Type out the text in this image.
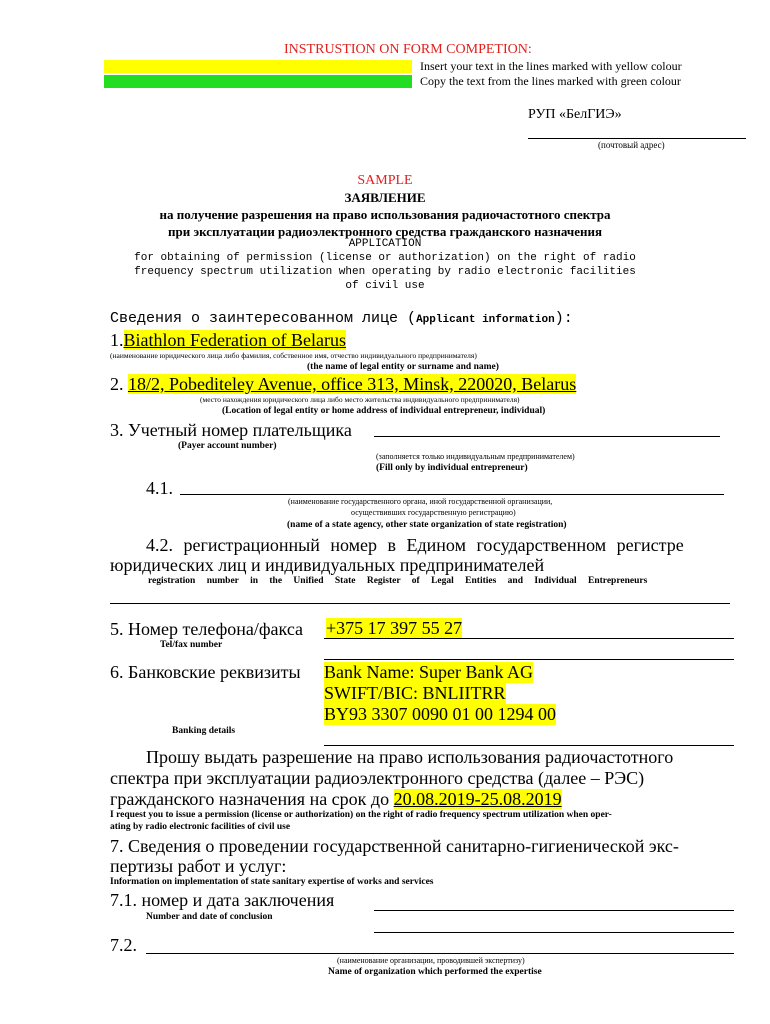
INSTRUSTION ON FORM COMPETION:
Insert your text in the lines marked with yellow colour
Copy the text from the lines marked with green colour
РУП «БелГИЭ»
(почтовый адрес)
SAMPLE
ЗАЯВЛЕНИЕ
на получение разрешения на право использования радиочастотного спектра
при эксплуатации радиоэлектронного средства гражданского назначения
APPLICATION
for obtaining of permission (license or authorization) on the right of radio
frequency spectrum utilization when operating by radio electronic facilities
of civil use
Сведения о заинтересованном лице (Applicant information):
1.Biathlon Federation of Belarus
(наименование юридического лица либо фамилия, собственное имя, отчество индивидуального предпринимателя)
(the name of legal entity or surname and name)
2. 18/2, Pobediteley Avenue, office 313, Minsk, 220020, Belarus
(место нахождения юридического лица либо место жительства индивидуального предпринимателя)
(Location of legal entity or home address of individual entrepreneur, individual)
3. Учетный номер плательщика
(Payer account number)
(заполняется только индивидуальным предпринимателем)
(Fill only by individual entrepreneur)
4.1.
(наименование государственного органа, иной государственной организации,
осуществивших государственную регистрацию)
(name of a state agency, other state organization of state registration)
4.2. регистрационный номер в Едином государственном регистре
юридических лиц и индивидуальных предпринимателей
registration number in the Unified State Register of Legal Entities and Individual Entrepreneurs
5. Номер телефона/факса +375 17 397 55 27
Tel/fax number
6. Банковские реквизиты Bank Name: Super Bank AG
SWIFT/BIC: BNLIITRR
BY93 3307 0090 01 00 1294 00
Banking details
Прошу выдать разрешение на право использования радиочастотного
спектра при эксплуатации радиоэлектронного средства (далее – РЭС)
гражданского назначения на срок до 20.08.2019-25.08.2019
I request you to issue a permission (license or authorization) on the right of radio frequency spectrum utilization when oper-
ating by radio electronic facilities of civil use
7. Сведения о проведении государственной санитарно-гигиенической экс-
пертизы работ и услуг:
Information on implementation of state sanitary expertise of works and services
7.1. номер и дата заключения
Number and date of conclusion
7.2.
(наименование организации, проводившей экспертизу)
Name of organization which performed the expertise
